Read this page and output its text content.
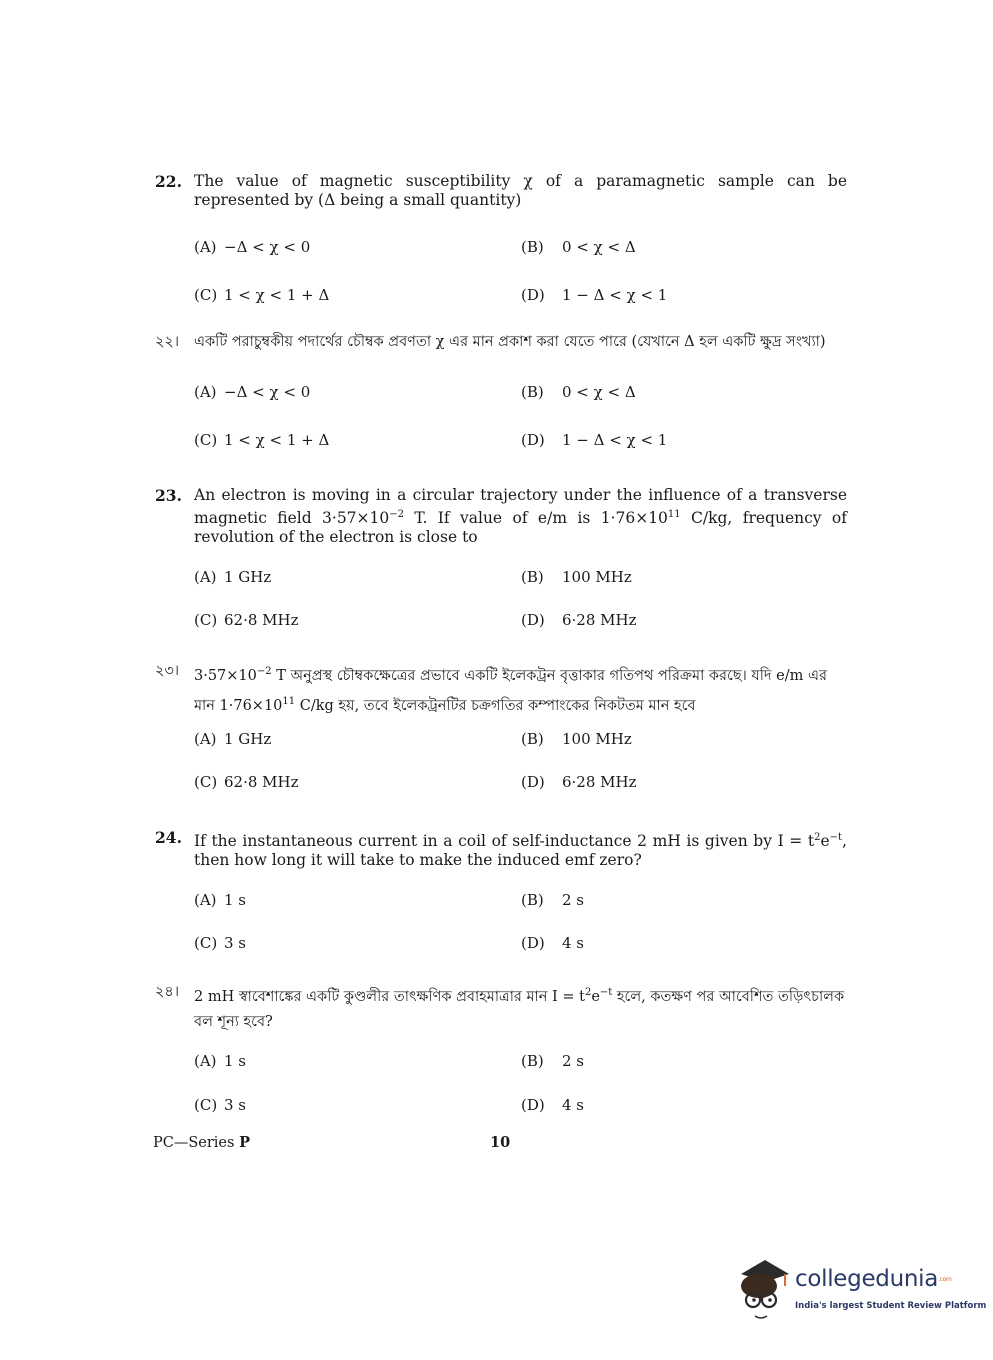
22. The value of magnetic susceptibility χ of a paramagnetic sample can be represented by (Δ being a small quantity)
(A) −Δ < χ < 0	(B) 0 < χ < Δ
(C) 1 < χ < 1 + Δ	(D) 1 − Δ < χ < 1
২২। একটি পরাচুম্বকীয় পদার্থের চৌম্বক প্রবণতা χ এর মান প্রকাশ করা যেতে পারে (যেখানে Δ হল একটি ক্ষুদ্র সংখ্যা)
(A) −Δ < χ < 0	(B) 0 < χ < Δ
(C) 1 < χ < 1 + Δ	(D) 1 − Δ < χ < 1
23. An electron is moving in a circular trajectory under the influence of a transverse magnetic field $3\cdot 57\times 10^{-2}$ T. If value of e/m is $1\cdot 76\times 10^{11}$ C/kg, frequency of revolution of the electron is close to
(A) 1 GHz	(B) 100 MHz
(C) 62·8 MHz	(D) 6·28 MHz
২৩। $3\cdot 57\times 10^{-2}$ T অনুপ্রস্থ চৌম্বকক্ষেত্রের প্রভাবে একটি ইলেকট্রন বৃত্তাকার গতিপথ পরিক্রমা করছে। যদি e/m এর মান $1\cdot 76\times 10^{11}$ C/kg হয়, তবে ইলেকট্রনটির চক্রগতির কম্পাংকের নিকটতম মান হবে
(A) 1 GHz	(B) 100 MHz
(C) 62·8 MHz	(D) 6·28 MHz
24. If the instantaneous current in a coil of self-inductance 2 mH is given by $I = t^2e^{-t}$, then how long it will take to make the induced emf zero?
(A) 1 s	(B) 2 s
(C) 3 s	(D) 4 s
২৪। 2 mH স্বাবেশাঙ্কের একটি কুণ্ডলীর তাৎক্ষণিক প্রবাহমাত্রার মান $I = t^2e^{-t}$ হলে, কতক্ষণ পর আবেশিত তড়িৎচালক বল শূন্য হবে?
(A) 1 s	(B) 2 s
(C) 3 s	(D) 4 s
PC—Series P	10
collegedunia.com
India's largest Student Review Platform
